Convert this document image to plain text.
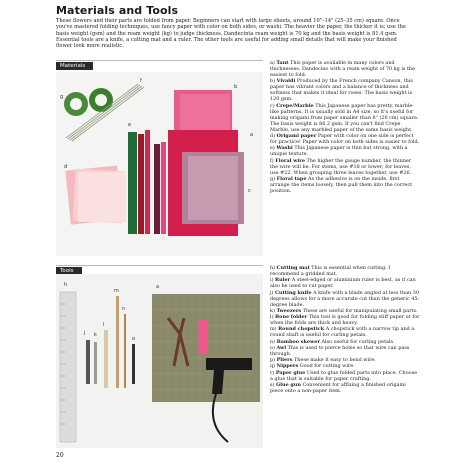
Materials and Tools

These flowers and their parts are folded from paper. Beginners can start with large sheets, around 10"–14" (25–35 cm) square. Once you've mastered folding techniques, use fancy paper with color on both sides, or washi. The heavier the paper, the thicker it is; use the basis weight (gsm) and the ream weight (kg) to judge thickness. Dandecinta ream weight is 70 kg and the basis weight is 81.4 gsm. Essential tools are a knife, a cutting mat and a ruler. The other tools are useful for adding small details that will make your finished flower look more realistic.

Materials
g
f
b
a
c
d
e
a) Tant This paper is available in many colors and thicknesses. Dandecino with a ream weight of 70 kg is the easiest to fold.
b) Vivaldi Produced by the French company Canson, this paper has vibrant colors and a balance of thickness and softness that makes it ideal for roses. The basis weight is 120 gsm.
c) Crepe/Marble This Japanese paper has pretty, marble-like patterns. It is usually sold in A4 size, so it's useful for making origami from paper smaller than 8" (20 cm) square. The basis weight is 86.2 gsm. If you can't find Crepe Marble, use any marbled paper of the same basis weight.
d) Origami paper Paper with color on one side is perfect for practice! Paper with color on both sides is easier to fold.
e) Washi This Japanese paper is thin but strong, with a unique texture.
f) Floral wire The higher the gauge number, the thinner the wire will be. For stems, use #18 or lower; for leaves, use #22. When grouping three leaves together, use #26.
g) Floral tape As the adhesive is on the inside, first arrange the items loosely, then pull them into the correct position.
Tools
h
j k
l
m
n
o
a
h) Cutting mat This is essential when cutting. I recommend a gridded mat.
i) Ruler A steel-edged or aluminium ruler is best, as it can also be used to cut paper.
j) Cutting knife A knife with a blade angled at less than 30 degrees allows for a more accurate cut than the generic 45-degree blade.
k) Tweezers These are useful for manipulating small parts.
l) Bone folder This tool is good for folding stiff paper or for when the folds are thick and heavy.
m) Round chopstick A chopstick with a narrow tip and a round shaft is useful for curling petals.
n) Bamboo skewer Also useful for curling petals.
o) Awl This is used to pierce holes so that wire can pass through.
p) Pliers These make it easy to bend wire.
q) Nippers Good for cutting wire.
r) Paper glue Used to glue folded parts into place. Choose a glue that is suitable for paper crafting.
s) Glue gun Convenient for affixing a finished origami piece onto a non-paper item.
20
